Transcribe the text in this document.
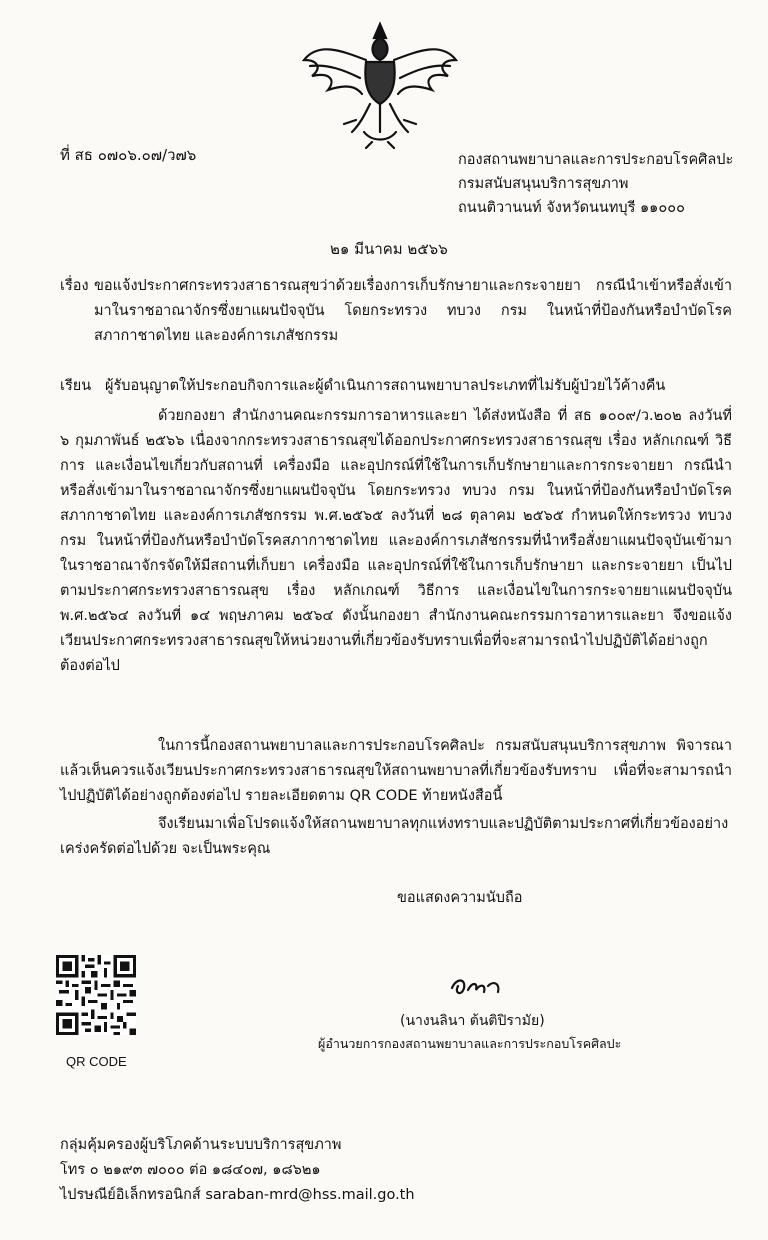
ที่ สธ ๐๗๐๖.๐๗/ว๗๖	กองสถานพยาบาลและการประกอบโรคศิลปะ
กรมสนับสนุนบริการสุขภาพ
ถนนติวานนท์ จังหวัดนนทบุรี ๑๑๐๐๐
๒๑ มีนาคม ๒๕๖๖
เรื่อง ขอแจ้งประกาศกระทรวงสาธารณสุขว่าด้วยเรื่องการเก็บรักษายาและกระจายยา กรณีนำเข้าหรือสั่งเข้ามาในราชอาณาจักรซึ่งยาแผนปัจจุบัน โดยกระทรวง ทบวง กรม ในหน้าที่ป้องกันหรือบำบัดโรค สภากาชาดไทย และองค์การเภสัชกรรม
เรียน ผู้รับอนุญาตให้ประกอบกิจการและผู้ดำเนินการสถานพยาบาลประเภทที่ไม่รับผู้ป่วยไว้ค้างคืน
ด้วยกองยา สำนักงานคณะกรรมการอาหารและยา ได้ส่งหนังสือ ที่ สธ ๑๐๐๙/ว.๒๐๒ ลงวันที่ ๖ กุมภาพันธ์ ๒๕๖๖ เนื่องจากกระทรวงสาธารณสุขได้ออกประกาศกระทรวงสาธารณสุข เรื่อง หลักเกณฑ์ วิธีการ และเงื่อนไขเกี่ยวกับสถานที่ เครื่องมือ และอุปกรณ์ที่ใช้ในการเก็บรักษายาและการกระจายยา กรณีนำหรือสั่งเข้ามาในราชอาณาจักรซึ่งยาแผนปัจจุบัน โดยกระทรวง ทบวง กรม ในหน้าที่ป้องกันหรือบำบัดโรค สภากาชาดไทย และองค์การเภสัชกรรม พ.ศ.๒๕๖๕ ลงวันที่ ๒๘ ตุลาคม ๒๕๖๕ กำหนดให้กระทรวง ทบวง กรม ในหน้าที่ป้องกันหรือบำบัดโรคสภากาชาดไทย และองค์การเภสัชกรรมที่นำหรือสั่งยาแผนปัจจุบันเข้ามาในราชอาณาจักรจัดให้มีสถานที่เก็บยา เครื่องมือ และอุปกรณ์ที่ใช้ในการเก็บรักษายา และกระจายยา เป็นไปตามประกาศกระทรวงสาธารณสุข เรื่อง หลักเกณฑ์ วิธีการ และเงื่อนไขในการกระจายยาแผนปัจจุบัน พ.ศ.๒๕๖๔ ลงวันที่ ๑๔ พฤษภาคม ๒๕๖๔ ดังนั้นกองยา สำนักงานคณะกรรมการอาหารและยา จึงขอแจ้งเวียนประกาศกระทรวงสาธารณสุขให้หน่วยงานที่เกี่ยวข้องรับทราบเพื่อที่จะสามารถนำไปปฏิบัติได้อย่างถูกต้องต่อไป
ในการนี้กองสถานพยาบาลและการประกอบโรคศิลปะ กรมสนับสนุนบริการสุขภาพ พิจารณาแล้วเห็นควรแจ้งเวียนประกาศกระทรวงสาธารณสุขให้สถานพยาบาลที่เกี่ยวข้องรับทราบ เพื่อที่จะสามารถนำไปปฏิบัติได้อย่างถูกต้องต่อไป รายละเอียดตาม QR CODE ท้ายหนังสือนี้
จึงเรียนมาเพื่อโปรดแจ้งให้สถานพยาบาลทุกแห่งทราบและปฏิบัติตามประกาศที่เกี่ยวข้องอย่างเคร่งครัดต่อไปด้วย จะเป็นพระคุณ
ขอแสดงความนับถือ
QR CODE
(นางนลินา ต้นติปิรามัย)
ผู้อำนวยการกองสถานพยาบาลและการประกอบโรคศิลปะ
กลุ่มคุ้มครองผู้บริโภคด้านระบบบริการสุขภาพ
โทร ๐ ๒๑๙๓ ๗๐๐๐ ต่อ ๑๘๔๐๗, ๑๘๖๒๑
ไปรษณีย์อิเล็กทรอนิกส์ saraban-mrd@hss.mail.go.th
